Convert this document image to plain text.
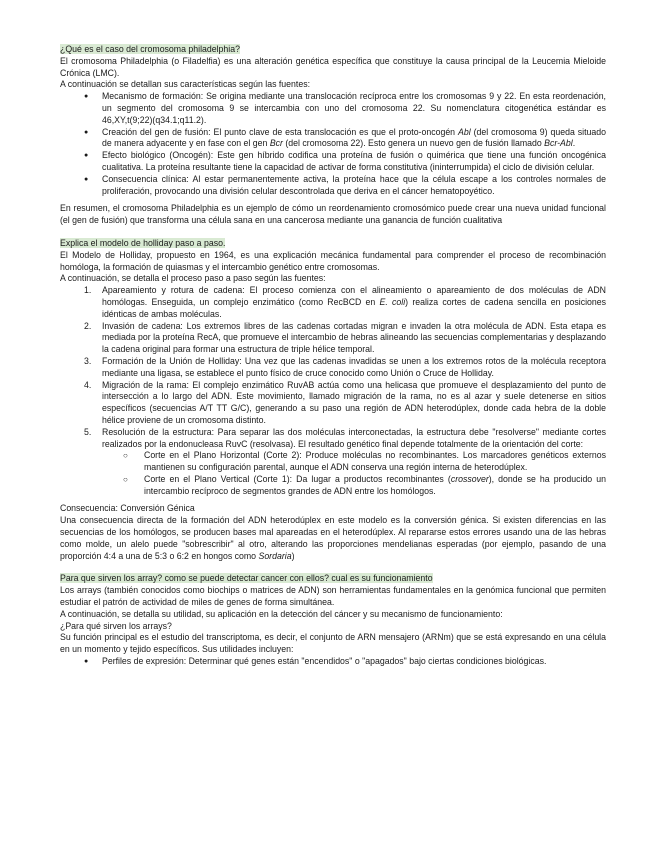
¿Qué es el caso del cromosoma philadelphia?

El cromosoma Philadelphia (o Filadelfia) es una alteración genética específica que constituye la causa principal de la Leucemia Mieloide Crónica (LMC).

A continuación se detallan sus características según las fuentes:

● Mecanismo de formación: Se origina mediante una translocación recíproca entre los cromosomas 9 y 22. En esta reordenación, un segmento del cromosoma 9 se intercambia con uno del cromosoma 22. Su nomenclatura citogenética estándar es 46,XY,t(9;22)(q34.1;q11.2).
● Creación del gen de fusión: El punto clave de esta translocación es que el proto-oncogén Abl (del cromosoma 9) queda situado de manera adyacente y en fase con el gen Bcr (del cromosoma 22). Esto genera un nuevo gen de fusión llamado Bcr-Abl.
● Efecto biológico (Oncogén): Este gen híbrido codifica una proteína de fusión o quimérica que tiene una función oncogénica cualitativa. La proteína resultante tiene la capacidad de activar de forma constitutiva (ininterrumpida) el ciclo de división celular.
● Consecuencia clínica: Al estar permanentemente activa, la proteína hace que la célula escape a los controles normales de proliferación, provocando una división celular descontrolada que deriva en el cáncer hematopoyético.

En resumen, el cromosoma Philadelphia es un ejemplo de cómo un reordenamiento cromosómico puede crear una nueva unidad funcional (el gen de fusión) que transforma una célula sana en una cancerosa mediante una ganancia de función cualitativa

Explica el modelo de holliday paso a paso.

El Modelo de Holliday, propuesto en 1964, es una explicación mecánica fundamental para comprender el proceso de recombinación homóloga, la formación de quiasmas y el intercambio genético entre cromosomas.

A continuación, se detalla el proceso paso a paso según las fuentes:

1. Apareamiento y rotura de cadena: El proceso comienza con el alineamiento o apareamiento de dos moléculas de ADN homólogas. Enseguida, un complejo enzimático (como RecBCD en E. coli) realiza cortes de cadena sencilla en posiciones idénticas de ambas moléculas.
2. Invasión de cadena: Los extremos libres de las cadenas cortadas migran e invaden la otra molécula de ADN. Esta etapa es mediada por la proteína RecA, que promueve el intercambio de hebras alineando las secuencias complementarias y desplazando la cadena original para formar una estructura de triple hélice temporal.
3. Formación de la Unión de Holliday: Una vez que las cadenas invadidas se unen a los extremos rotos de la molécula receptora mediante una ligasa, se establece el punto físico de cruce conocido como Unión o Cruce de Holliday.
4. Migración de la rama: El complejo enzimático RuvAB actúa como una helicasa que promueve el desplazamiento del punto de intersección a lo largo del ADN. Este movimiento, llamado migración de la rama, no es al azar y suele detenerse en sitios específicos (secuencias A/T TT G/C), generando a su paso una región de ADN heterodúplex, donde cada hebra de la doble hélice proviene de un cromosoma distinto.
5. Resolución de la estructura: Para separar las dos moléculas interconectadas, la estructura debe "resolverse" mediante cortes realizados por la endonucleasa RuvC (resolvasa). El resultado genético final depende totalmente de la orientación del corte:
○ Corte en el Plano Horizontal (Corte 2): Produce moléculas no recombinantes. Los marcadores genéticos externos mantienen su configuración parental, aunque el ADN conserva una región interna de heterodúplex.
○ Corte en el Plano Vertical (Corte 1): Da lugar a productos recombinantes (crossover), donde se ha producido un intercambio recíproco de segmentos grandes de ADN entre los homólogos.

Consecuencia: Conversión Génica

Una consecuencia directa de la formación del ADN heterodúplex en este modelo es la conversión génica. Si existen diferencias en las secuencias de los homólogos, se producen bases mal apareadas en el heterodúplex. Al repararse estos errores usando una de las hebras como molde, un alelo puede "sobrescribir" al otro, alterando las proporciones mendelianas esperadas (por ejemplo, pasando de una proporción 4:4 a una de 5:3 o 6:2 en hongos como Sordaria)

Para que sirven los array? como se puede detectar cancer con ellos? cual es su funcionamiento

Los arrays (también conocidos como biochips o matrices de ADN) son herramientas fundamentales en la genómica funcional que permiten estudiar el patrón de actividad de miles de genes de forma simultánea.

A continuación, se detalla su utilidad, su aplicación en la detección del cáncer y su mecanismo de funcionamiento:

¿Para qué sirven los arrays?

Su función principal es el estudio del transcriptoma, es decir, el conjunto de ARN mensajero (ARNm) que se está expresando en una célula en un momento y tejido específicos. Sus utilidades incluyen:

● Perfiles de expresión: Determinar qué genes están "encendidos" o "apagados" bajo ciertas condiciones biológicas.
